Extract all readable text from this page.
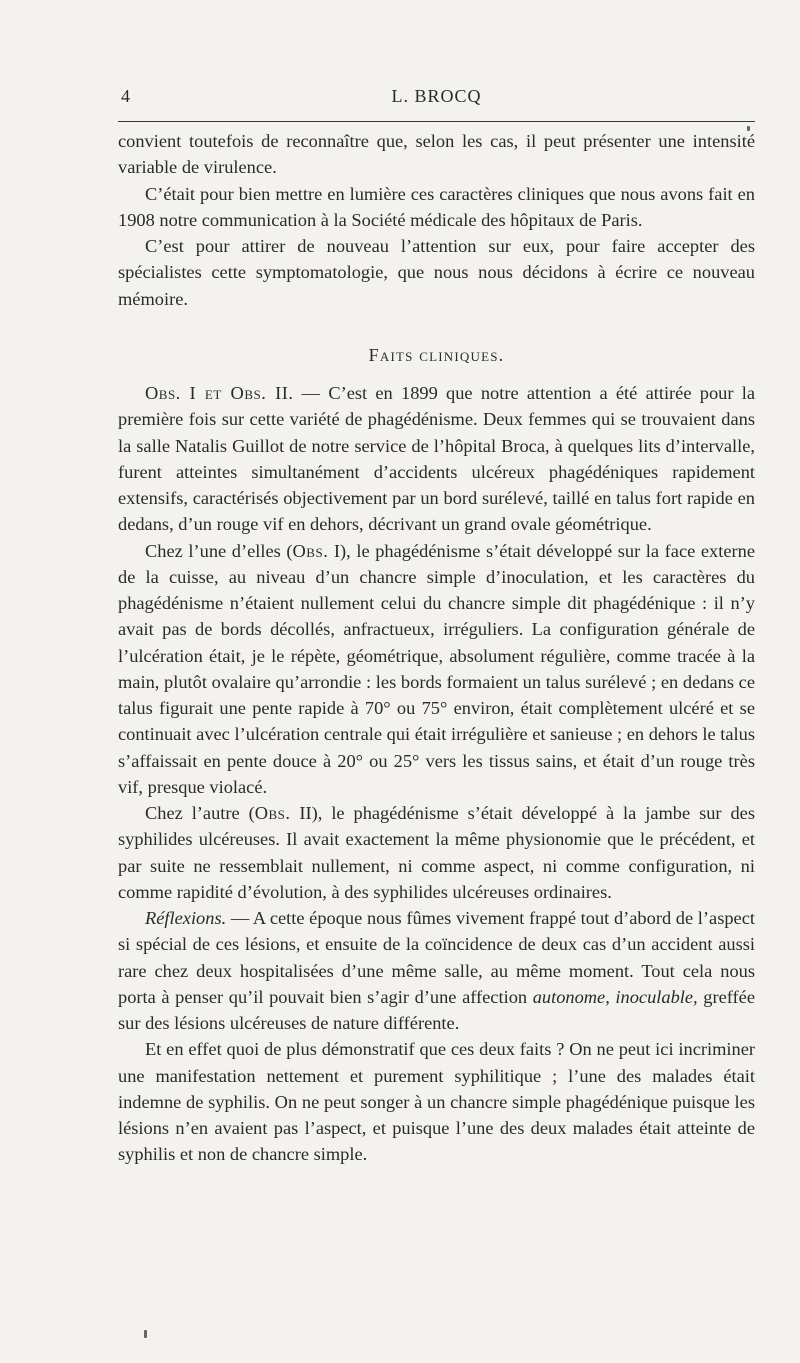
4	L. BROCQ

convient toutefois de reconnaître que, selon les cas, il peut présenter une intensité variable de virulence.

C’était pour bien mettre en lumière ces caractères cliniques que nous avons fait en 1908 notre communication à la Société médicale des hôpitaux de Paris.

C’est pour attirer de nouveau l’attention sur eux, pour faire accepter des spécialistes cette symptomatologie, que nous nous décidons à écrire ce nouveau mémoire.

Faits cliniques.

Obs. I et Obs. II. — C’est en 1899 que notre attention a été attirée pour la première fois sur cette variété de phagédénisme. Deux femmes qui se trouvaient dans la salle Natalis Guillot de notre service de l’hôpital Broca, à quelques lits d’intervalle, furent atteintes simultanément d’accidents ulcéreux phagédéniques rapidement extensifs, caractérisés objectivement par un bord surélevé, taillé en talus fort rapide en dedans, d’un rouge vif en dehors, décrivant un grand ovale géométrique.

Chez l’une d’elles (Obs. I), le phagédénisme s’était développé sur la face externe de la cuisse, au niveau d’un chancre simple d’inoculation, et les caractères du phagédénisme n’étaient nullement celui du chancre simple dit phagédénique : il n’y avait pas de bords décollés, anfractueux, irréguliers. La configuration générale de l’ulcération était, je le répète, géométrique, absolument régulière, comme tracée à la main, plutôt ovalaire qu’arrondie : les bords formaient un talus surélevé ; en dedans ce talus figurait une pente rapide à 70° ou 75° environ, était complètement ulcéré et se continuait avec l’ulcération centrale qui était irrégulière et sanieuse ; en dehors le talus s’affaissait en pente douce à 20° ou 25° vers les tissus sains, et était d’un rouge très vif, presque violacé.

Chez l’autre (Obs. II), le phagédénisme s’était développé à la jambe sur des syphilides ulcéreuses. Il avait exactement la même physionomie que le précédent, et par suite ne ressemblait nullement, ni comme aspect, ni comme configuration, ni comme rapidité d’évolution, à des syphilides ulcéreuses ordinaires.

Réflexions. — A cette époque nous fûmes vivement frappé tout d’abord de l’aspect si spécial de ces lésions, et ensuite de la coïncidence de deux cas d’un accident aussi rare chez deux hospitalisées d’une même salle, au même moment. Tout cela nous porta à penser qu’il pouvait bien s’agir d’une affection autonome, inoculable, greffée sur des lésions ulcéreuses de nature différente.

Et en effet quoi de plus démonstratif que ces deux faits ? On ne peut ici incriminer une manifestation nettement et purement syphilitique ; l’une des malades était indemne de syphilis. On ne peut songer à un chancre simple phagédénique puisque les lésions n’en avaient pas l’aspect, et puisque l’une des deux malades était atteinte de syphilis et non de chancre simple.
